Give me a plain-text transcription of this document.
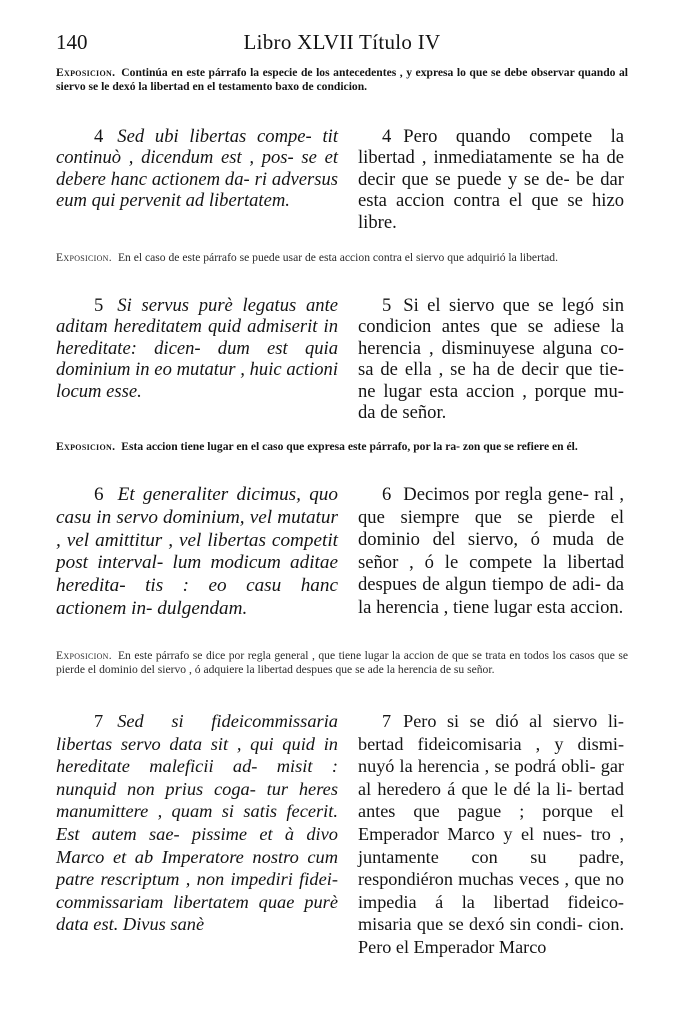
140	Libro XLVII Título IV
Exposicion. Continúa en este párrafo la especie de los antecedentes , y expresa lo que se debe observar quando al siervo se le dexó la libertad en el testamento baxo de condicion.
4 Sed ubi libertas compe- tit continuò , dicendum est , pos- se et debere hanc actionem da- ri adversus eum qui pervenit ad libertatem.
4 Pero quando compete la libertad , inmediatamente se ha de decir que se puede y se de- be dar esta accion contra el que se hizo libre.
Exposicion. En el caso de este párrafo se puede usar de esta accion contra el siervo que adquirió la libertad.
5 Si servus purè legatus ante aditam hereditatem quid admiserit in hereditate: dicen- dum est quia dominium in eo mutatur , huic actioni locum esse.
5 Si el siervo que se legó sin condicion antes que se adiese la herencia , disminuyese alguna co- sa de ella , se ha de decir que tie- ne lugar esta accion , porque mu- da de señor.
Exposicion. Esta accion tiene lugar en el caso que expresa este párrafo, por la ra- zon que se refiere en él.
6 Et generaliter dicimus, quo casu in servo dominium, vel mutatur , vel amittitur , vel libertas competit post interval- lum modicum aditae heredita- tis : eo casu hanc actionem in- dulgendam.
6 Decimos por regla gene- ral , que siempre que se pierde el dominio del siervo, ó muda de señor , ó le compete la libertad despues de algun tiempo de adi- da la herencia , tiene lugar esta accion.
Exposicion. En este párrafo se dice por regla general , que tiene lugar la accion de que se trata en todos los casos que se pierde el dominio del siervo , ó adquiere la libertad despues que se ade la herencia de su señor.
7 Sed si fideicommissaria libertas servo data sit , qui quid in hereditate maleficii ad- misit : nunquid non prius coga- tur heres manumittere , quam si satis fecerit. Est autem sae- pissime et à divo Marco et ab Imperatore nostro cum patre rescriptum , non impediri fidei- commissariam libertatem quae purè data est. Divus sanè
7 Pero si se dió al siervo li- bertad fideicomisaria , y dismi- nuyó la herencia , se podrá obli- gar al heredero á que le dé la li- bertad antes que pague ; porque el Emperador Marco y el nues- tro , juntamente con su padre, respondiéron muchas veces , que no impedia á la libertad fideico- misaria que se dexó sin condi- cion. Pero el Emperador Marco
